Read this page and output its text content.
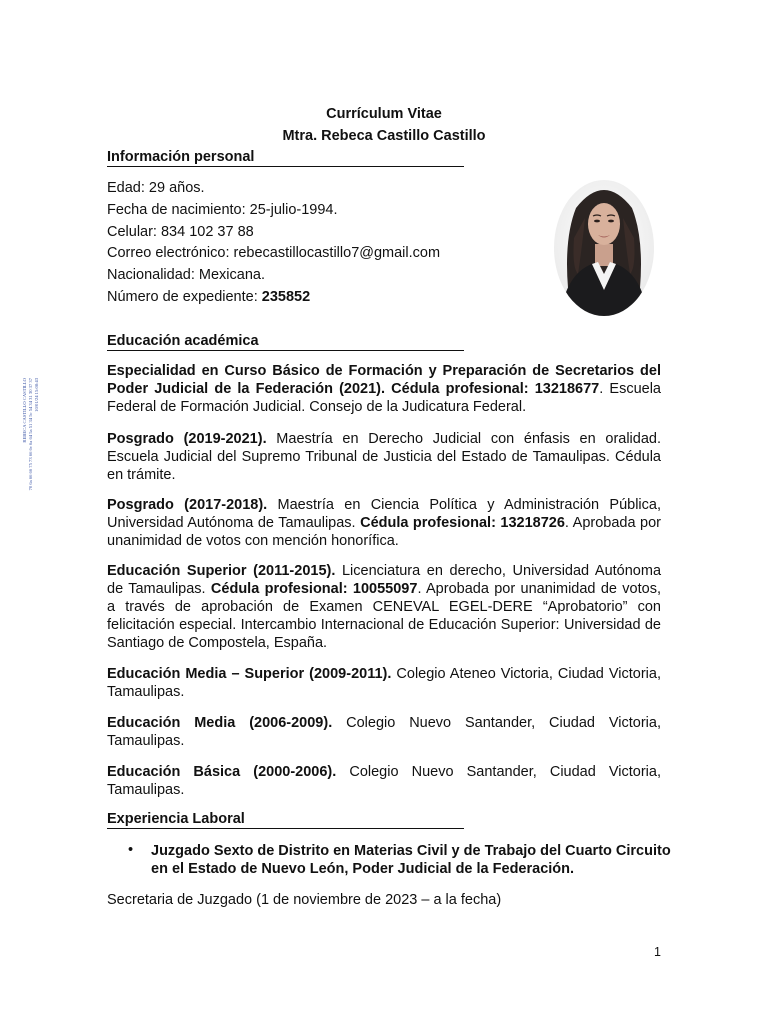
Currículum Vitae
Mtra. Rebeca Castillo Castillo
Información personal
Edad: 29 años.
Fecha de nacimiento: 25-julio-1994.
Celular: 834 102 37 88
Correo electrónico: rebecastillocastillo7@gmail.com
Nacionalidad: Mexicana.
Número de expediente: 235852
REBECA CASTILLO CASTILLO 70 6a 66 66 75 73 66 6c 6a 64 5a 51 34 5c 54 34 31 30 37 37 10/01/24 15:08:43
Educación académica
Especialidad en Curso Básico de Formación y Preparación de Secretarios del Poder Judicial de la Federación (2021). Cédula profesional: 13218677. Escuela Federal de Formación Judicial. Consejo de la Judicatura Federal.
Posgrado (2019-2021). Maestría en Derecho Judicial con énfasis en oralidad. Escuela Judicial del Supremo Tribunal de Justicia del Estado de Tamaulipas. Cédula en trámite.
Posgrado (2017-2018). Maestría en Ciencia Política y Administración Pública, Universidad Autónoma de Tamaulipas. Cédula profesional: 13218726. Aprobada por unanimidad de votos con mención honorífica.
Educación Superior (2011-2015). Licenciatura en derecho, Universidad Autónoma de Tamaulipas. Cédula profesional: 10055097. Aprobada por unanimidad de votos, a través de aprobación de Examen CENEVAL EGEL-DERE “Aprobatorio” con felicitación especial. Intercambio Internacional de Educación Superior: Universidad de Santiago de Compostela, España.
Educación Media – Superior (2009-2011). Colegio Ateneo Victoria, Ciudad Victoria, Tamaulipas.
Educación Media (2006-2009). Colegio Nuevo Santander, Ciudad Victoria, Tamaulipas.
Educación Básica (2000-2006). Colegio Nuevo Santander, Ciudad Victoria, Tamaulipas.
Experiencia Laboral
• Juzgado Sexto de Distrito en Materias Civil y de Trabajo del Cuarto Circuito en el Estado de Nuevo León, Poder Judicial de la Federación.
Secretaria de Juzgado (1 de noviembre de 2023 – a la fecha)
1
